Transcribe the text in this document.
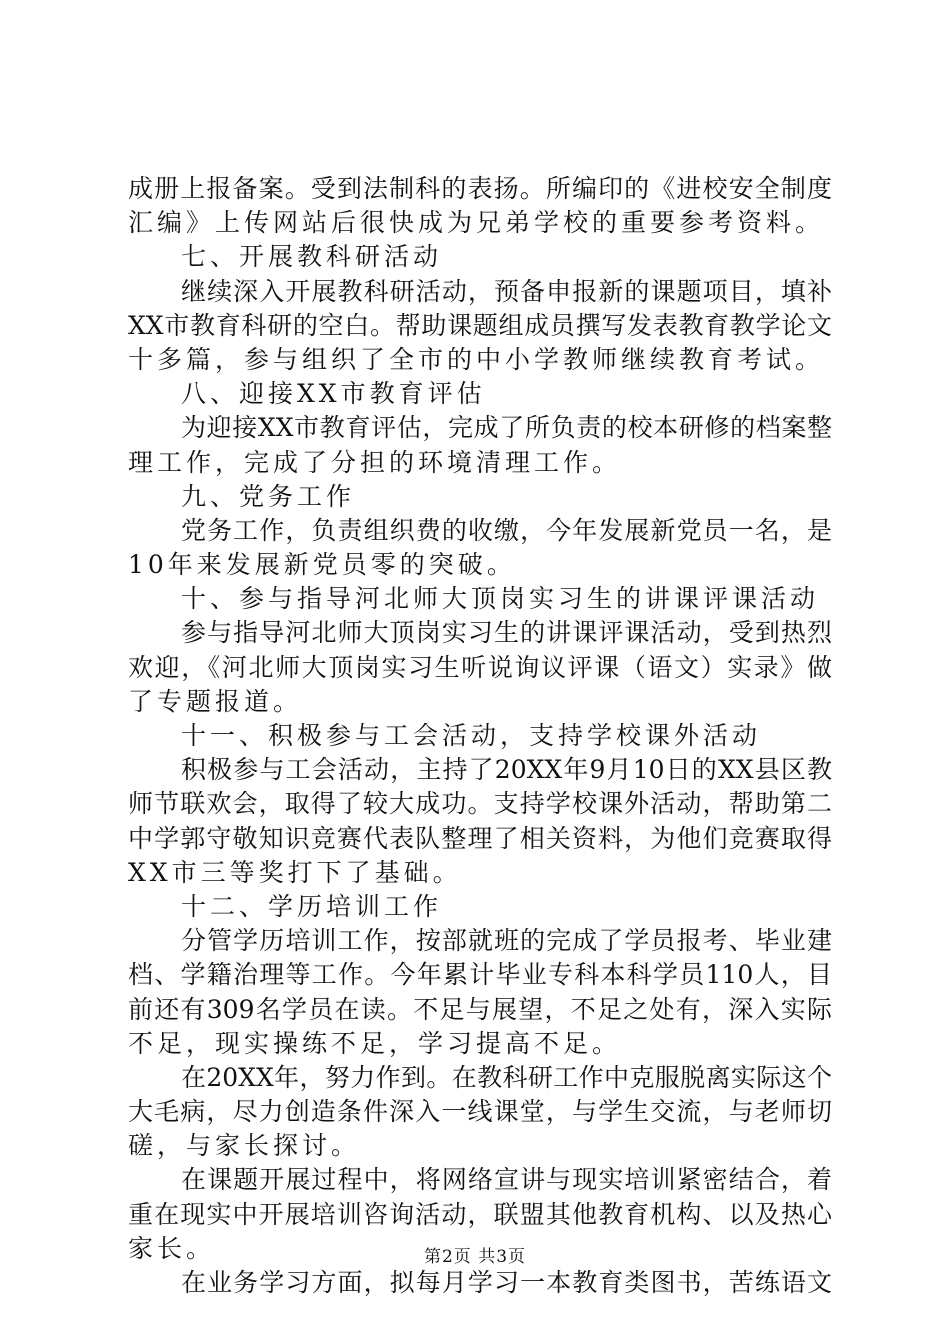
成册上报备案。受到法制科的表扬。所编印的《进校安全制度
汇编》上传网站后很快成为兄弟学校的重要参考资料。
七、开展教科研活动
继续深入开展教科研活动，预备申报新的课题项目，填补
XX市教育科研的空白。帮助课题组成员撰写发表教育教学论文
十多篇，参与组织了全市的中小学教师继续教育考试。
八、迎接XX市教育评估
为迎接XX市教育评估，完成了所负责的校本研修的档案整
理工作，完成了分担的环境清理工作。
九、党务工作
党务工作，负责组织费的收缴，今年发展新党员一名，是
10年来发展新党员零的突破。
十、参与指导河北师大顶岗实习生的讲课评课活动
参与指导河北师大顶岗实习生的讲课评课活动，受到热烈
欢迎，《河北师大顶岗实习生听说询议评课（语文）实录》做
了专题报道。
十一、积极参与工会活动，支持学校课外活动
积极参与工会活动，主持了20XX年9月10日的XX县区教
师节联欢会，取得了较大成功。支持学校课外活动，帮助第二
中学郭守敬知识竞赛代表队整理了相关资料，为他们竞赛取得
XX市三等奖打下了基础。
十二、学历培训工作
分管学历培训工作，按部就班的完成了学员报考、毕业建
档、学籍治理等工作。今年累计毕业专科本科学员110人，目
前还有309名学员在读。不足与展望，不足之处有，深入实际
不足，现实操练不足，学习提高不足。
在20XX年，努力作到。在教科研工作中克服脱离实际这个
大毛病，尽力创造条件深入一线课堂，与学生交流，与老师切
磋，与家长探讨。
在课题开展过程中，将网络宣讲与现实培训紧密结合，着
重在现实中开展培训咨询活动，联盟其他教育机构、以及热心
家长。
在业务学习方面，拟每月学习一本教育类图书，苦练语文
第2页 共3页
